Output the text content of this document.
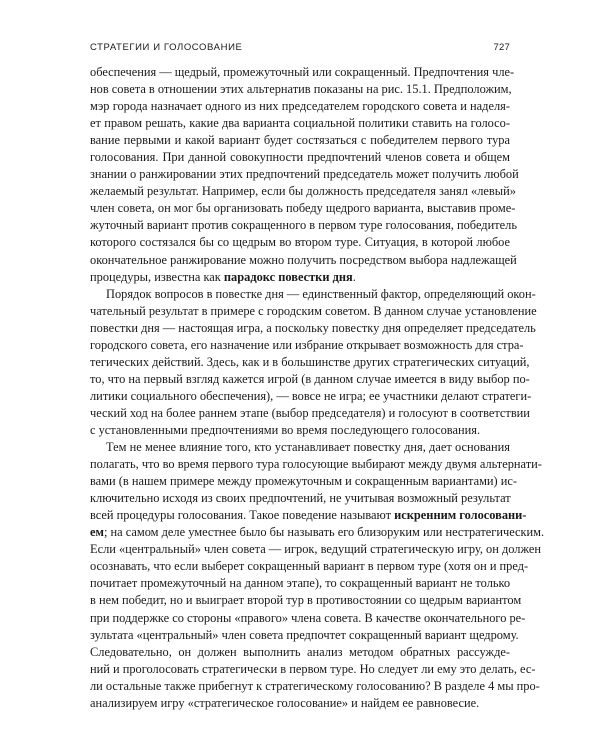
СТРАТЕГИИ И ГОЛОСОВАНИЕ	727
обеспечения — щедрый, промежуточный или сокращенный. Предпочтения чле-
нов совета в отношении этих альтернатив показаны на рис. 15.1. Предположим,
мэр города назначает одного из них председателем городского совета и наделя-
ет правом решать, какие два варианта социальной политики ставить на голосо-
вание первыми и какой вариант будет состязаться с победителем первого тура
голосования. При данной совокупности предпочтений членов совета и общем
знании о ранжировании этих предпочтений председатель может получить любой
желаемый результат. Например, если бы должность председателя занял «левый»
член совета, он мог бы организовать победу щедрого варианта, выставив проме-
жуточный вариант против сокращенного в первом туре голосования, победитель
которого состязался бы со щедрым во втором туре. Ситуация, в которой любое
окончательное ранжирование можно получить посредством выбора надлежащей
процедуры, известна как парадокс повестки дня.
Порядок вопросов в повестке дня — единственный фактор, определяющий окон-
чательный результат в примере с городским советом. В данном случае установление
повестки дня — настоящая игра, а поскольку повестку дня определяет председатель
городского совета, его назначение или избрание открывает возможность для стра-
тегических действий. Здесь, как и в большинстве других стратегических ситуаций,
то, что на первый взгляд кажется игрой (в данном случае имеется в виду выбор по-
литики социального обеспечения), — вовсе не игра; ее участники делают стратеги-
ческий ход на более раннем этапе (выбор председателя) и голосуют в соответствии
с установленными предпочтениями во время последующего голосования.
Тем не менее влияние того, кто устанавливает повестку дня, дает основания
полагать, что во время первого тура голосующие выбирают между двумя альтернати-
вами (в нашем примере между промежуточным и сокращенным вариантами) ис-
ключительно исходя из своих предпочтений, не учитывая возможный результат
всей процедуры голосования. Такое поведение называют искренним голосовани-
ем; на самом деле уместнее было бы называть его близоруким или нестратегическим.
Если «центральный» член совета — игрок, ведущий стратегическую игру, он должен
осознавать, что если выберет сокращенный вариант в первом туре (хотя он и пред-
почитает промежуточный на данном этапе), то сокращенный вариант не только
в нем победит, но и выиграет второй тур в противостоянии со щедрым вариантом
при поддержке со стороны «правого» члена совета. В качестве окончательного ре-
зультата «центральный» член совета предпочтет сокращенный вариант щедрому.
Следовательно, он должен выполнить анализ методом обратных рассужде-
ний и проголосовать стратегически в первом туре. Но следует ли ему это делать, ес-
ли остальные также прибегнут к стратегическому голосованию? В разделе 4 мы про-
анализируем игру «стратегическое голосование» и найдем ее равновесие.
